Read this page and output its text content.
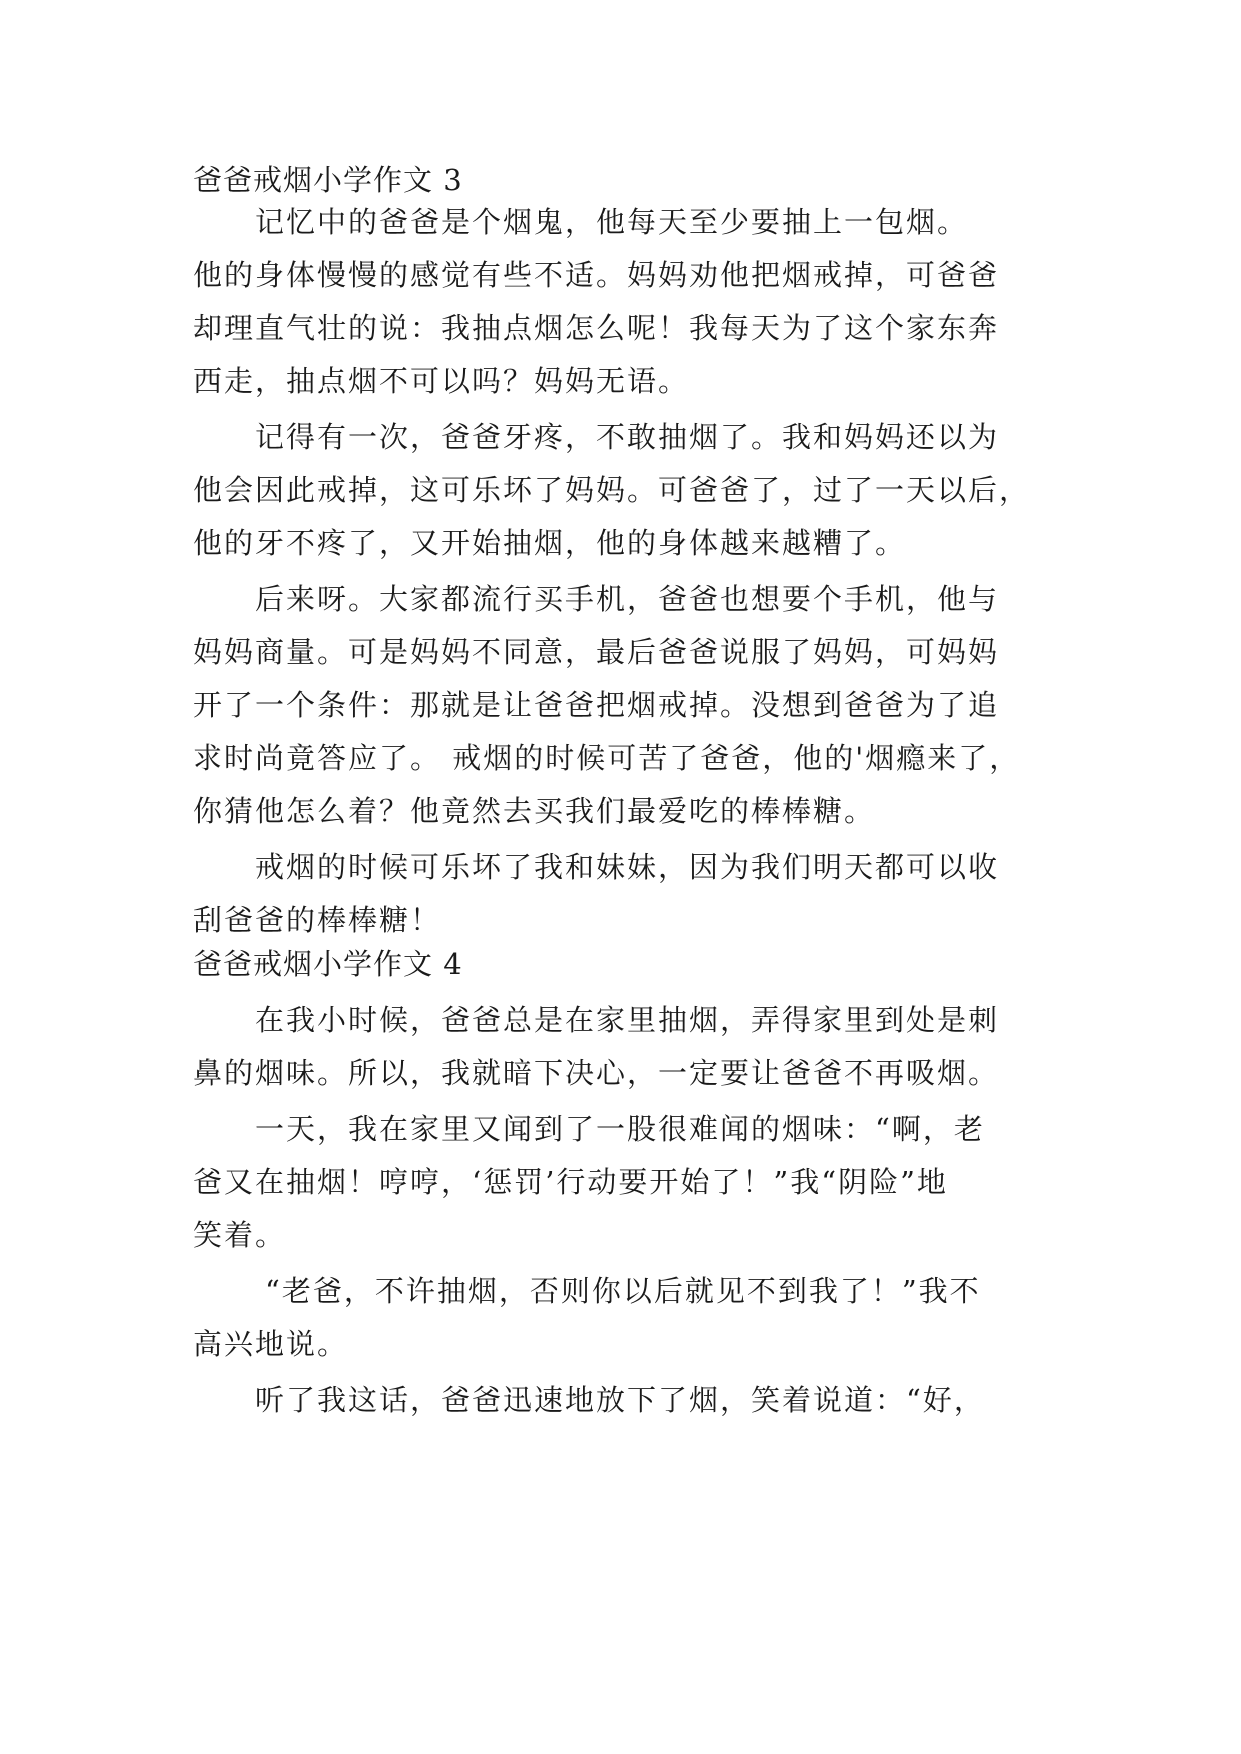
爸爸戒烟小学作文 3
记忆中的爸爸是个烟鬼，他每天至少要抽上一包烟。
他的身体慢慢的感觉有些不适。妈妈劝他把烟戒掉，可爸爸
却理直气壮的说：我抽点烟怎么呢！我每天为了这个家东奔
西走，抽点烟不可以吗？妈妈无语。
记得有一次，爸爸牙疼，不敢抽烟了。我和妈妈还以为
他会因此戒掉，这可乐坏了妈妈。可爸爸了，过了一天以后，
他的牙不疼了，又开始抽烟，他的身体越来越糟了。
后来呀。大家都流行买手机，爸爸也想要个手机，他与
妈妈商量。可是妈妈不同意，最后爸爸说服了妈妈，可妈妈
开了一个条件：那就是让爸爸把烟戒掉。没想到爸爸为了追
求时尚竟答应了。 戒烟的时候可苦了爸爸，他的'烟瘾来了，
你猜他怎么着？他竟然去买我们最爱吃的棒棒糖。
戒烟的时候可乐坏了我和妹妹，因为我们明天都可以收
刮爸爸的棒棒糖！
爸爸戒烟小学作文 4
在我小时候，爸爸总是在家里抽烟，弄得家里到处是刺
鼻的烟味。所以，我就暗下决心，一定要让爸爸不再吸烟。
一天，我在家里又闻到了一股很难闻的烟味：“啊，老
爸又在抽烟！哼哼，‘惩罚’行动要开始了！”我“阴险”地
笑着。
“老爸，不许抽烟，否则你以后就见不到我了！”我不
高兴地说。
听了我这话，爸爸迅速地放下了烟，笑着说道：“好，
